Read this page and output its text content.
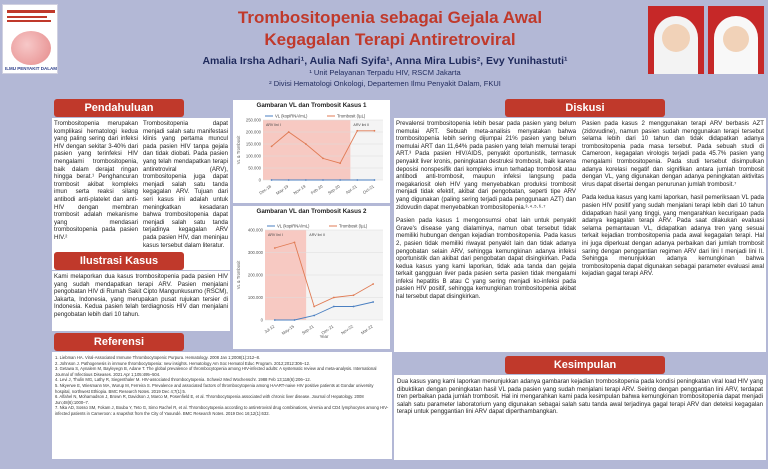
ILMU PENYAKIT DALAM
Trombositopenia sebagai Gejala Awal
Kegagalan Terapi Antiretroviral
Amalia Irsha Adhari¹, Aulia Nafi Syifa¹, Anna Mira Lubis², Evy Yunihastuti¹
¹ Unit Pelayanan Terpadu HIV, RSCM Jakarta
² Divisi Hematologi Onkologi, Departemen Ilmu Penyakit Dalam, FKUI
Pendahuluan
Trombositopenia merupakan komplikasi hematologi kedua yang paling sering dari infeksi HIV dengan sekitar 3-40% dari pasien yang terinfeksi HIV mengalami trombositopenia, baik dalam derajat ringan hingga berat.¹ Penghancuran trombosit akibat kompleks imun serta reaksi silang antibodi anti-platelet dan anti-HIV dengan membran trombosit adalah mekanisme yang mendasari trombositopenia pada pasien HIV.²
Trombositopenia dapat menjadi salah satu manifestasi klinis yang pertama muncul pada pasien HIV tanpa gejala dan tidak diobati. Pada pasien yang telah mendapatkan terapi antiretroviral (ARV), trombositopenia juga dapat menjadi salah satu tanda kegagalan ARV. Tujuan dari seri kasus ini adalah untuk meningkatkan kesadaran bahwa trombositopenia dapat menjadi salah satu tanda terjadinya kegagalan ARV pada pasien HIV, dan meninjau kasus tersebut dalam literatur.
Ilustrasi Kasus
Kami melaporkan dua kasus trombositopenia pada pasien HIV yang sudah mendapatkan terapi ARV. Pasien menjalani pengobatan HIV di Rumah Sakit Cipto Mangunkusumo (RSCM), Jakarta, Indonesia, yang merupakan pusat rujukan tersier di Indonesia. Kedua pasien telah terdiagnosis HIV dan menjalani pengobatan lebih dari 10 tahun.
Referensi
1. Liebman HA. Viral-Associated Immune Thrombocytopenic Purpura. Hematology. 2008 Jan 1;2008(1):212–8.
2. Johnson J. Pathogenesis in immune thrombocytopenia: new insights. Hematology Am Soc Hematol Educ Program. 2012;2012:306–12.
3. Getawa S, Aynalem M, Bayleyegn B, Adane T. The global prevalence of thrombocytopenia among HIV-infected adults: A systematic review and meta-analysis. International Journal of Infectious Diseases. 2021 Apr 1;105:495–504.
4. Levi J, Thulin MG, Lathy R, Siegenthaler M. HIV-associated thrombocytopenia. Schweiz Med Wochenschr. 1988 Feb 13;118(6):206–12.
5. Nkyerwe E, Wiesmann MA, Wurup M, Ferreira S. Prevalence and associated factors of thrombocytopenia among HAART-naive HIV positive patients at Gondar university hospital, northwest Ethiopia. BMC Research Notes. 2019 Dec 4;7(1):5.
6. Alfahel N, Mohamadson J, Brown R, Davidson J, Marco M, Posenfield E, et al. Thrombocytopenia associated with chronic liver disease. Journal of Hepatology. 2008 Jun;48(6):1000–7.
7. Nka AD, Sosso SM, Fokam J, Bouba Y, Teto G, Simo Rachel R, et al. Thrombocytopenia according to antiretroviral drug combinations, viremia and CD4 lymphocytes among HIV-infected patients in Cameroon: a snapshot from the City of Yaoundé. BMC Research Notes. 2019 Dec 16;12(1):632.
Gambaran VL dan Trombosit Kasus 1
ARV lini I	ARV lini II
0
50.000
100.000
150.000
200.000
250.000
Dec-18 May-19 Nov-19 Feb-20 Sep-20 Apr-21 Oct-21
VL & Trombosit
VL (kopiRNA/mL)	Trombosit (/µL)
Gambaran VL dan Trombosit Kasus 2
ARV lini I	ARV lini II
0
100.000
200.000
300.000
400.000
Jul-12 May-15 Sep-21 Dec-21 Nov-22 Mar-22
VL & Trombosit
Year
VL (kopiRNA/mL)	Trombosit (/µL)
Diskusi
Prevalensi trombositopenia lebih besar pada pasien yang belum memulai ART. Sebuah meta-analisis menyatakan bahwa trombositopenia lebih sering dijumpai 21% pasien yang belum memulai ART dan 11,64% pada pasien yang telah memulai terapi ART.³ Pada pasien HIV/AIDS, penyakit oportunistik, termasuk penyakit liver kronis, peningkatan destruksi trombosit, baik karena deposisi nonspesifik dari kompleks imun terhadap trombosit atau antibodi anti-trombosit, maupun infeksi langsung pada megakariosit oleh HIV yang menyebabkan produksi trombosit menjadi tidak efektif, akibat dari pengobatan, seperti tipe ARV yang digunakan (paling sering terjadi pada penggunaan AZT) dan zidovudin dapat menyebabkan trombositopenia.³·⁴·⁵·⁶·⁷
Pasien pada kasus 1 mengonsumsi obat lain untuk penyakit Grave's disease yang dialaminya, namun obat tersebut tidak memiliki hubungan dengan kejadian trombositopenia. Pada kasus 2, pasien tidak memiliki riwayat penyakit lain dan tidak adanya pengobatan selain ARV, sehingga kemungkinan adanya infeksi oportunistik dan akibat dari pengobatan dapat disingkirkan. Pada kedua kasus yang kami laporkan, tidak ada tanda dan gejala terkait gangguan liver pada pasien serta pasien tidak mengalami infeksi hepatitis B atau C yang sering menjadi ko-infeksi pada pasien HIV positif, sehingga kemungkinan trombositopenia akibat hal tersebut dapat disingkirkan.
Pasien pada kasus 2 menggunakan terapi ARV berbasis AZT (zidovudine), namun pasien sudah menggunakan terapi tersebut selama lebih dari 10 tahun dan tidak didapatkan adanya trombositopenia pada masa tersebut. Pada sebuah studi di Cameroon, kegagalan virologis terjadi pada 45.7% pasien yang mengalami trombositopenia. Pada studi tersebut disimpulkan adanya korelasi negatif dan signifikan antara jumlah trombosit dengan VL, yang digunakan dengan adanya peningkatan aktivitas virus dapat disertai dengan penurunan jumlah trombosit.⁷
Pada kedua kasus yang kami laporkan, hasil pemeriksaan VL pada pasien HIV positif yang sudah menjalani terapi lebih dari 10 tahun didapatkan hasil yang tinggi, yang mengarahkan kecurigaan pada adanya kegagalan terapi ARV. Pada saat dilakukan evaluasi selama pemantauan VL, didapatkan adanya tren yang sesuai terkait kejadian trombositopenia pada awal kegagalan terapi. Hal ini juga diperkuat dengan adanya perbaikan dari jumlah trombosit saring dengan penggantian regimen ARV dari lini I menjadi lini II. Sehingga menunjukkan adanya kemungkinan bahwa trombositopenia dapat digunakan sebagai parameter evaluasi awal kejadian gagal terapi ARV.
Kesimpulan
Dua kasus yang kami laporkan menunjukkan adanya gambaran kejadian trombositopenia pada kondisi peningkatan viral load HIV yang dibuktikan dengan peningkatan hasil VL pada pasien yang sudah menjalani terapi ARV. Seiring dengan penggantian lini ARV, terdapat tren perbaikan pada jumlah trombosit. Hal ini mengarahkan kami pada kesimpulan bahwa kemungkinan trombositopenia dapat menjadi salah satu parameter laboratorium yang digunakan sebagai salah satu tanda awal terjadinya gagal terapi ARV dan deteksi kegagalan terapi untuk penggantian lini ARV dapat diperthambangkan.
